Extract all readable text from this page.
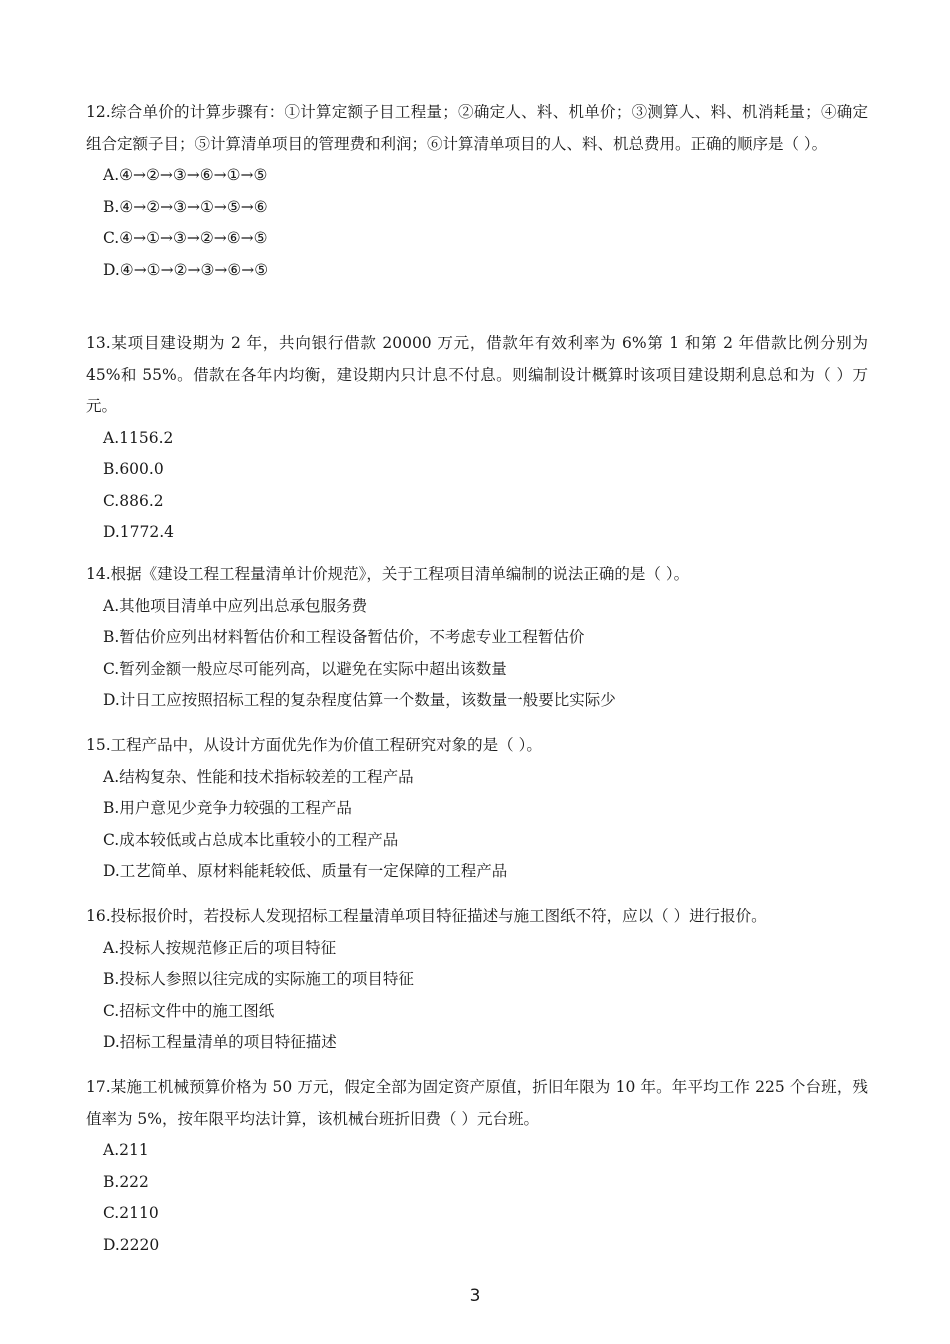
12.综合单价的计算步骤有：①计算定额子目工程量；②确定人、料、机单价；③测算人、料、机消耗量；④确定组合定额子目；⑤计算清单项目的管理费和利润；⑥计算清单项目的人、料、机总费用。正确的顺序是（ ）。

A.④→②→③→⑥→①→⑤
B.④→②→③→①→⑤→⑥
C.④→①→③→②→⑥→⑤
D.④→①→②→③→⑥→⑤

13.某项目建设期为 2 年，共向银行借款 20000 万元，借款年有效利率为 6%第 1 和第 2 年借款比例分别为 45%和 55%。借款在各年内均衡，建设期内只计息不付息。则编制设计概算时该项目建设期利息总和为（ ）万元。

A.1156.2
B.600.0
C.886.2
D.1772.4

14.根据《建设工程工程量清单计价规范》，关于工程项目清单编制的说法正确的是（ ）。

A.其他项目清单中应列出总承包服务费
B.暂估价应列出材料暂估价和工程设备暂估价，不考虑专业工程暂估价
C.暂列金额一般应尽可能列高，以避免在实际中超出该数量
D.计日工应按照招标工程的复杂程度估算一个数量，该数量一般要比实际少

15.工程产品中，从设计方面优先作为价值工程研究对象的是（ ）。

A.结构复杂、性能和技术指标较差的工程产品
B.用户意见少竞争力较强的工程产品
C.成本较低或占总成本比重较小的工程产品
D.工艺简单、原材料能耗较低、质量有一定保障的工程产品

16.投标报价时，若投标人发现招标工程量清单项目特征描述与施工图纸不符，应以（ ）进行报价。

A.投标人按规范修正后的项目特征
B.投标人参照以往完成的实际施工的项目特征
C.招标文件中的施工图纸
D.招标工程量清单的项目特征描述

17.某施工机械预算价格为 50 万元，假定全部为固定资产原值，折旧年限为 10 年。年平均工作 225 个台班，残值率为 5%，按年限平均法计算，该机械台班折旧费（ ）元台班。

A.211
B.222
C.2110
D.2220
3
